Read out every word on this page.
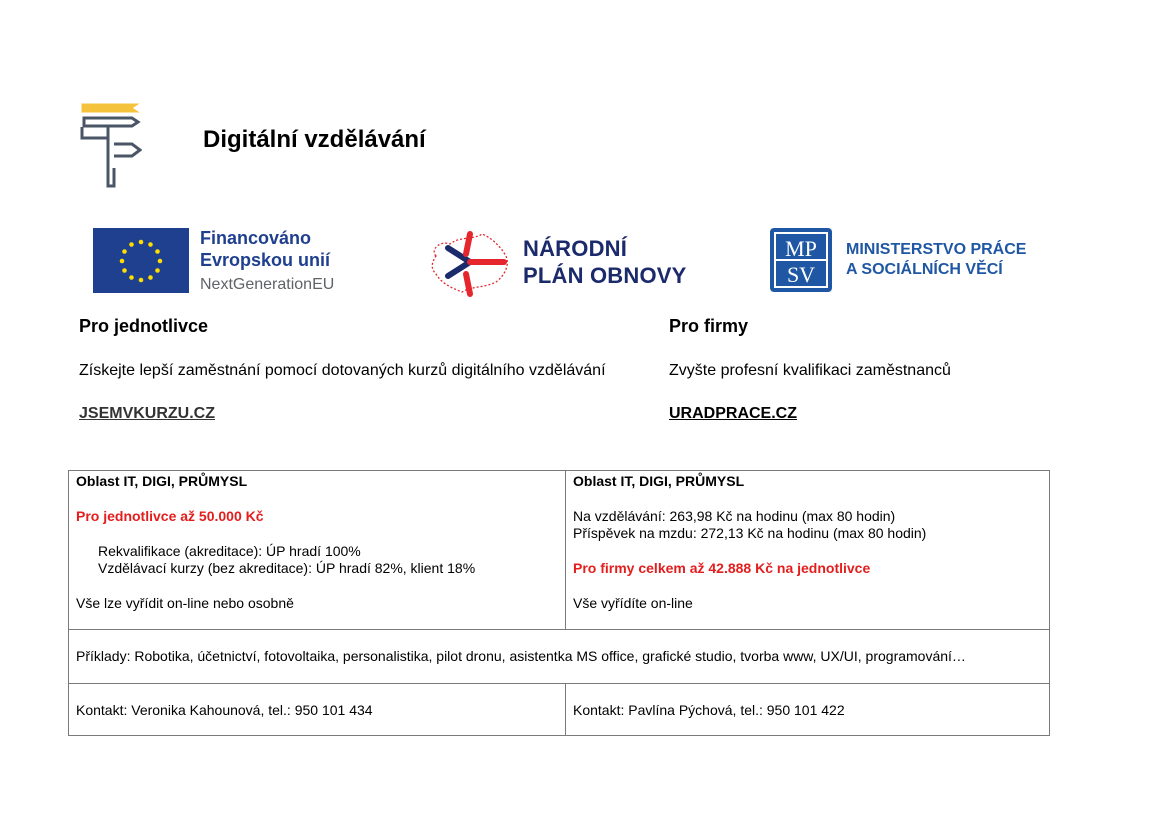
Digitální vzdělávání
Financováno
Evropskou unií
NextGenerationEU
NÁRODNÍ
PLÁN OBNOVY
MP
SV
MINISTERSTVO PRÁCE
A SOCIÁLNÍCH VĚCÍ
Pro jednotlivce
Získejte lepší zaměstnání pomocí dotovaných kurzů digitálního vzdělávání
JSEMVKURZU.CZ
Pro firmy
Zvyšte profesní kvalifikaci zaměstnanců
URADPRACE.CZ
Oblast IT, DIGI, PRŮMYSL
Pro jednotlivce až 50.000 Kč
Rekvalifikace (akreditace): ÚP hradí 100%
Vzdělávací kurzy (bez akreditace): ÚP hradí 82%, klient 18%
Vše lze vyřídit on-line nebo osobně
Oblast IT, DIGI, PRŮMYSL
Na vzdělávání: 263,98 Kč na hodinu (max 80 hodin)
Příspěvek na mzdu: 272,13 Kč na hodinu (max 80 hodin)
Pro firmy celkem až 42.888 Kč na jednotlivce
Vše vyřídíte on-line
Příklady: Robotika, účetnictví, fotovoltaika, personalistika, pilot dronu, asistentka MS office, grafické studio, tvorba www, UX/UI, programování…
Kontakt: Veronika Kahounová, tel.: 950 101 434	Kontakt: Pavlína Pýchová, tel.: 950 101 422
